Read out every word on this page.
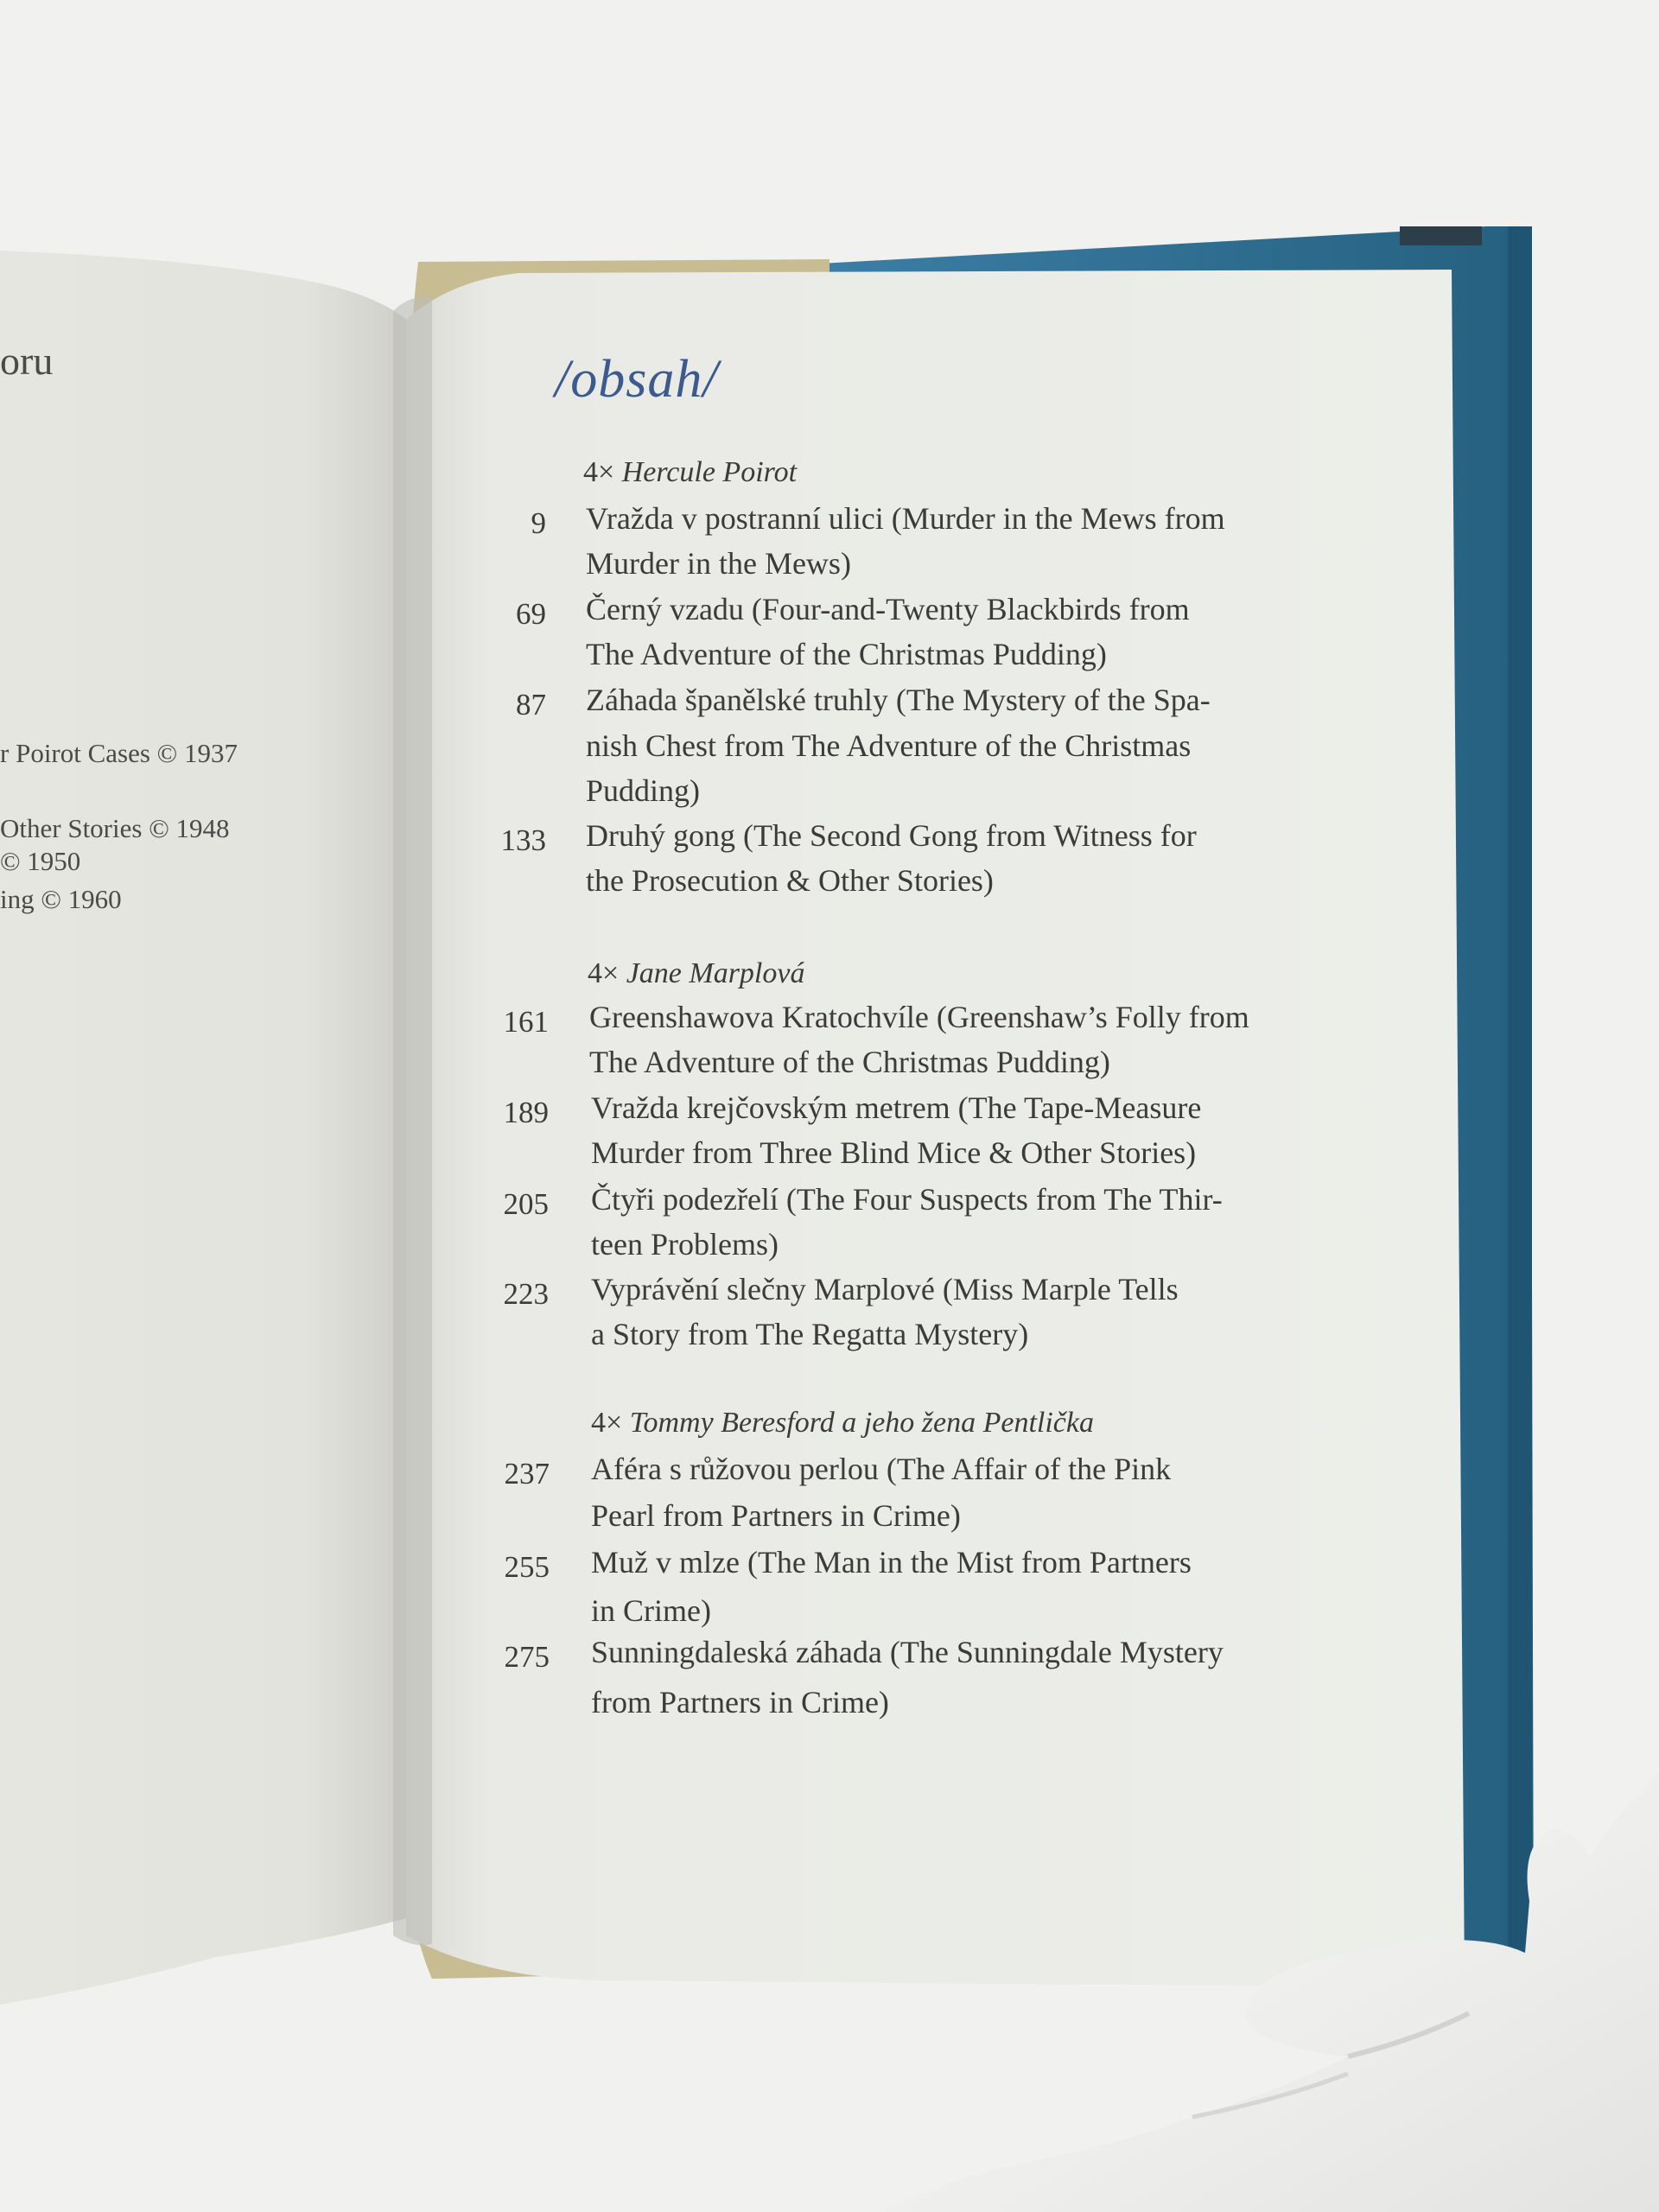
oru
r Poirot Cases © 1937
Other Stories © 1948
© 1950
ing © 1960
/obsah/
4× Hercule Poirot
9 Vražda v postranní ulici (Murder in the Mews from
Murder in the Mews)
69 Černý vzadu (Four-and-Twenty Blackbirds from
The Adventure of the Christmas Pudding)
87 Záhada španělské truhly (The Mystery of the Spa-
nish Chest from The Adventure of the Christmas
Pudding)
133 Druhý gong (The Second Gong from Witness for
the Prosecution & Other Stories)
4× Jane Marplová
161 Greenshawova Kratochvíle (Greenshaw’s Folly from
The Adventure of the Christmas Pudding)
189 Vražda krejčovským metrem (The Tape-Measure
Murder from Three Blind Mice & Other Stories)
205 Čtyři podezřelí (The Four Suspects from The Thir-
teen Problems)
223 Vyprávění slečny Marplové (Miss Marple Tells
a Story from The Regatta Mystery)
4× Tommy Beresford a jeho žena Pentlička
237 Aféra s růžovou perlou (The Affair of the Pink
Pearl from Partners in Crime)
255 Muž v mlze (The Man in the Mist from Partners
in Crime)
275 Sunningdaleská záhada (The Sunningdale Mystery
from Partners in Crime)
